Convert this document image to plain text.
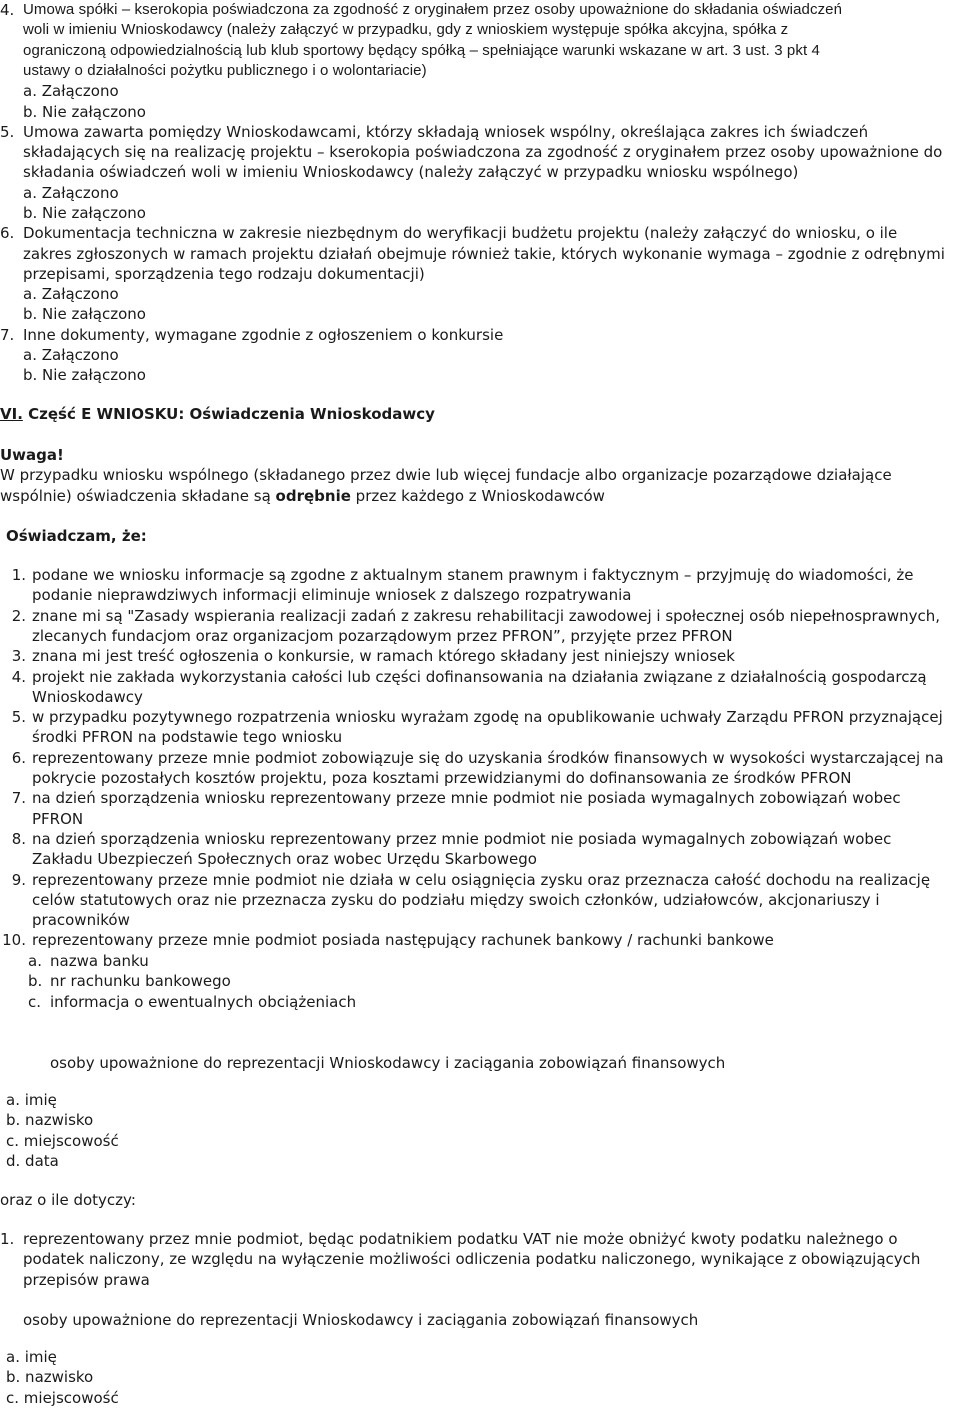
4. Umowa spółki – kserokopia poświadczona za zgodność z oryginałem przez osoby upoważnione do składania oświadczeń
woli w imieniu Wnioskodawcy (należy załączyć w przypadku, gdy z wnioskiem występuje spółka akcyjna, spółka z
ograniczoną odpowiedzialnością lub klub sportowy będący spółką – spełniające warunki wskazane w art. 3 ust. 3 pkt 4
ustawy o działalności pożytku publicznego i o wolontariacie)
a. Załączono
b. Nie załączono
5. Umowa zawarta pomiędzy Wnioskodawcami, którzy składają wniosek wspólny, określająca zakres ich świadczeń
składających się na realizację projektu – kserokopia poświadczona za zgodność z oryginałem przez osoby upoważnione do
składania oświadczeń woli w imieniu Wnioskodawcy (należy załączyć w przypadku wniosku wspólnego)
a. Załączono
b. Nie załączono
6. Dokumentacja techniczna w zakresie niezbędnym do weryfikacji budżetu projektu (należy załączyć do wniosku, o ile
zakres zgłoszonych w ramach projektu działań obejmuje również takie, których wykonanie wymaga – zgodnie z odrębnymi
przepisami, sporządzenia tego rodzaju dokumentacji)
a. Załączono
b. Nie załączono
7. Inne dokumenty, wymagane zgodnie z ogłoszeniem o konkursie
a. Załączono
b. Nie załączono
VI. Część E WNIOSKU: Oświadczenia Wnioskodawcy
Uwaga!
W przypadku wniosku wspólnego (składanego przez dwie lub więcej fundacje albo organizacje pozarządowe działające
wspólnie) oświadczenia składane są odrębnie przez każdego z Wnioskodawców
Oświadczam, że:
1. podane we wniosku informacje są zgodne z aktualnym stanem prawnym i faktycznym – przyjmuję do wiadomości, że
podanie nieprawdziwych informacji eliminuje wniosek z dalszego rozpatrywania
2. znane mi są "Zasady wspierania realizacji zadań z zakresu rehabilitacji zawodowej i społecznej osób niepełnosprawnych,
zlecanych fundacjom oraz organizacjom pozarządowym przez PFRON”, przyjęte przez PFRON
3. znana mi jest treść ogłoszenia o konkursie, w ramach którego składany jest niniejszy wniosek
4. projekt nie zakłada wykorzystania całości lub części dofinansowania na działania związane z działalnością gospodarczą
Wnioskodawcy
5. w przypadku pozytywnego rozpatrzenia wniosku wyrażam zgodę na opublikowanie uchwały Zarządu PFRON przyznającej
środki PFRON na podstawie tego wniosku
6. reprezentowany przeze mnie podmiot zobowiązuje się do uzyskania środków finansowych w wysokości wystarczającej na
pokrycie pozostałych kosztów projektu, poza kosztami przewidzianymi do dofinansowania ze środków PFRON
7. na dzień sporządzenia wniosku reprezentowany przeze mnie podmiot nie posiada wymagalnych zobowiązań wobec
PFRON
8. na dzień sporządzenia wniosku reprezentowany przez mnie podmiot nie posiada wymagalnych zobowiązań wobec
Zakładu Ubezpieczeń Społecznych oraz wobec Urzędu Skarbowego
9. reprezentowany przeze mnie podmiot nie działa w celu osiągnięcia zysku oraz przeznacza całość dochodu na realizację
celów statutowych oraz nie przeznacza zysku do podziału między swoich członków, udziałowców, akcjonariuszy i
pracowników
10. reprezentowany przeze mnie podmiot posiada następujący rachunek bankowy / rachunki bankowe
a. nazwa banku
b. nr rachunku bankowego
c. informacja o ewentualnych obciążeniach
osoby upoważnione do reprezentacji Wnioskodawcy i zaciągania zobowiązań finansowych
a. imię
b. nazwisko
c. miejscowość
d. data
oraz o ile dotyczy:
1. reprezentowany przez mnie podmiot, będąc podatnikiem podatku VAT nie może obniżyć kwoty podatku należnego o
podatek naliczony, ze względu na wyłączenie możliwości odliczenia podatku naliczonego, wynikające z obowiązujących
przepisów prawa
osoby upoważnione do reprezentacji Wnioskodawcy i zaciągania zobowiązań finansowych
a. imię
b. nazwisko
c. miejscowość
